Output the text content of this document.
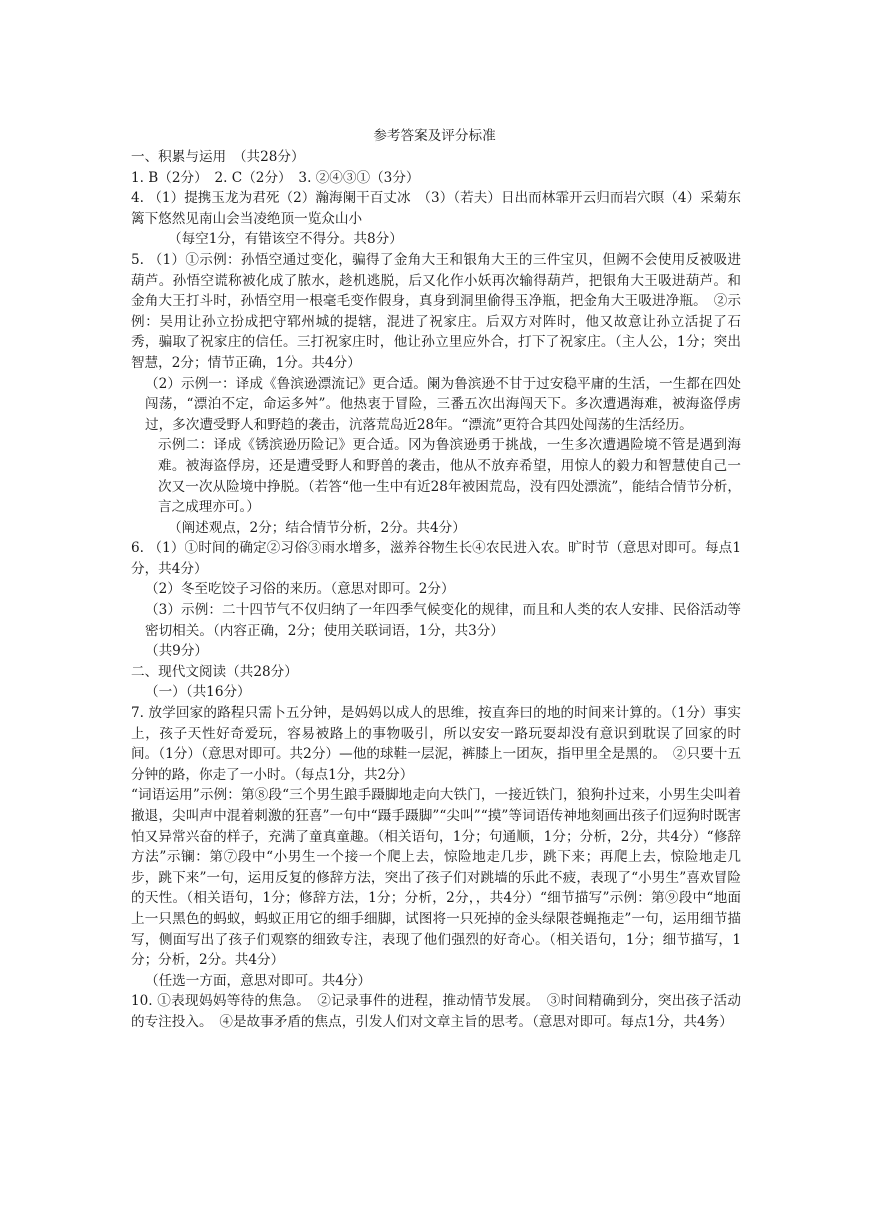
参考答案及评分标准

一、积累与运用　（共28分）

1. B（2分）　2. C（2分）　3. ②④③①（3分）

4. （1）提携玉龙为君死（2）瀚海阑干百丈冰　（3）（若夫）日出而林霏开云归而岩穴暝（4）采菊东篱下悠然见南山会当凌绝顶一览众山小

（每空1分，有错该空不得分。共8分）

5. （1）①示例：孙悟空通过变化，骗得了金角大王和银角大王的三件宝贝，但阙不会使用反被吸进葫芦。孙悟空谎称被化成了脓水，趁机逃脱，后又化作小妖再次输得葫芦，把银角大王吸进葫芦。和金角大王打斗时，孙悟空用一根毫毛变作假身，真身到洞里偷得玉净瓶，把金角大王吸进净瓶。　②示例：吴用让孙立扮成把守郓州城的提辖，混进了祝家庄。后双方对阵时，他又故意让孙立活捉了石秀，骗取了祝家庄的信任。三打祝家庄时，他让孙立里应外合，打下了祝家庄。（主人公，1分；突出智慧，2分；情节正确，1分。共4分）

（2）示例一：译成《鲁滨逊漂流记》更合适。阑为鲁滨逊不甘于过安稳平庸的生活，一生都在四处闯荡，“漂泊不定，命运多舛”。他热衷于冒险，三番五次出海闯天下。多次遭遇海难，被海盗俘虏过，多次遭受野人和野趋的袭击，沆落荒岛近28年。“漂流”更符合其四处闯荡的生活经历。

示例二：译成《锈滨逊历险记》更合适。冈为鲁滨逊勇于挑战，一生多次遭遇险境不管是遇到海难。被海盗俘房，还是遭受野人和野兽的袭击，他从不放弃希望，用惊人的毅力和智慧使自己一次又一次从险境中挣脱。（若答“他一生中有近28年被困荒岛，没有四处漂流”，能结合情节分析，言之成理亦可。）

（阐述观点，2分；结合情节分析，2分。共4分）

6. （1）①时间的确定②习俗③雨水增多，滋养谷物生长④农民进入农。旷时节（意思对即可。每点1分，共4分）

（2）冬至吃饺子习俗的来历。（意思对即可。2分）

（3）示例：二十四节气不仅归纳了一年四季气候变化的规律，而且和人类的农人安排、民俗活动等密切相关。（内容正确，2分；使用关联词语，1分，共3分）

（共9分）

二、现代文阅读（共28分）

（一）（共16分）

7. 放学回家的路程只需卜五分钟，是妈妈以成人的思维，按直奔曰的地的时间来计算的。（1分）事实上，孩子天性好奇爱玩，容易被路上的事物吸引，所以安安一路玩耍却没有意识到耽误了回家的时间。（1分）（意思对即可。共2分）—他的球鞋一层泥，裤膝上一团灰，指甲里全是黑的。　②只要十五分钟的路，你走了一小时。（每点1分，共2分）

“词语运用”示例：第⑧段“三个男生踉手蹑脚地走向大铁门，一接近铁门，狼狗扑过来，小男生尖叫着撤退，尖叫声中混着刺激的狂喜”一句中“蹑手蹑脚”“尖叫”“摸”等词语传神地刻画出孩子们逗狗时既害怕又异常兴奋的样子，充满了童真童趣。（相关语句，1分；句通顺，1分；分析，2分，共4分）“修辞方法”示镧：第⑦段中“小男生一个接一个爬上去，惊险地走几步，跳下来；再爬上去，惊险地走几步，跳下来”一句，运用反复的修辞方法，突出了孩子们对跳墙的乐此不疲，表现了“小男生”喜欢冒险的天性。（相关语句，1分；修辞方法，1分；分析，2分，，共4分）“细节描写”示例：第⑨段中“地面上一只黑色的蚂蚁，蚂蚁正用它的细手细脚，试图将一只死掉的金头绿限苍蝇拖走”一句，运用细节描写，侧面写出了孩子们观察的细致专注，表现了他们强烈的好奇心。（相关语句，1分；细节描写，1分；分析，2分。共4分）

（任选一方面，意思对即可。共4分）

10. ①表现妈妈等待的焦急。　②记录事件的进程，推动情节发展。　③时间精确到分，突出孩子活动的专注投入。　④是故事矛盾的焦点，引发人们对文章主旨的思考。（意思对即可。每点1分，共4务）
